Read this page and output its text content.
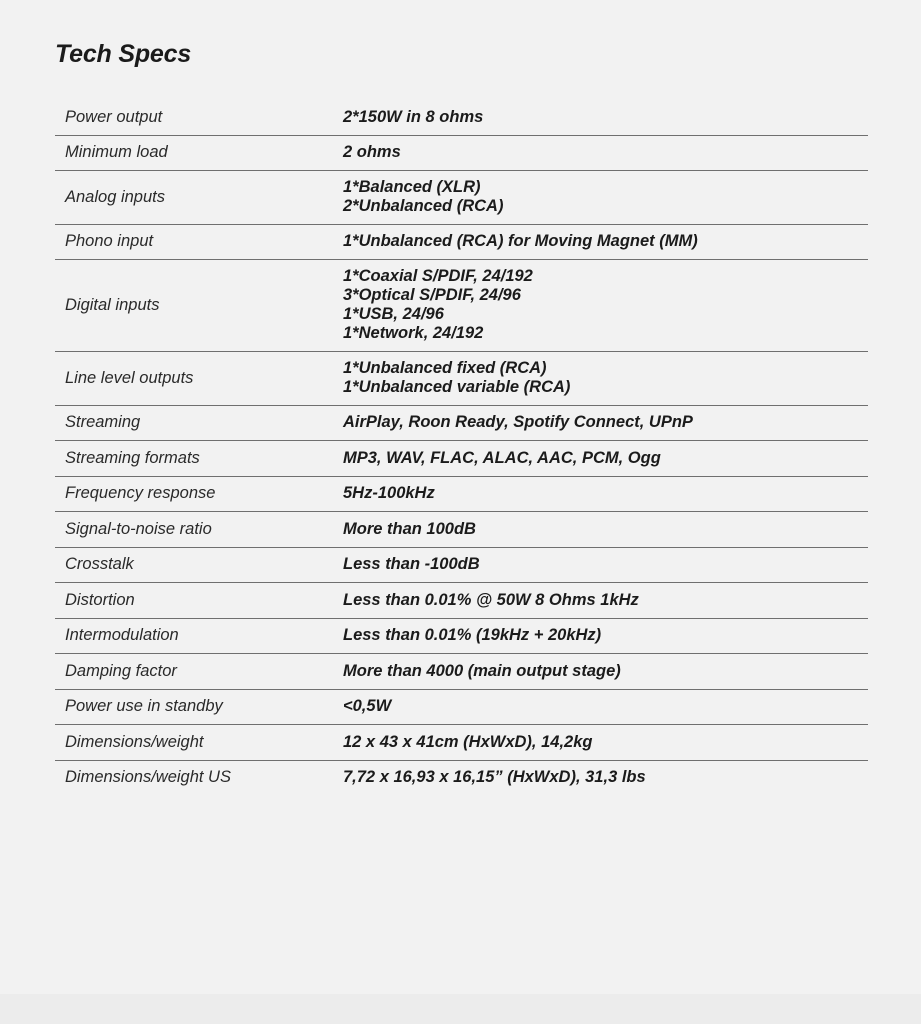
Tech Specs
Power output	2*150W in 8 ohms

Minimum load	2 ohms

Analog inputs	1*Balanced (XLR)
2*Unbalanced (RCA)

Phono input	1*Unbalanced (RCA) for Moving Magnet (MM)

Digital inputs	1*Coaxial S/PDIF, 24/192
3*Optical S/PDIF, 24/96
1*USB, 24/96
1*Network, 24/192

Line level outputs	1*Unbalanced fixed (RCA)
1*Unbalanced variable (RCA)

Streaming	AirPlay, Roon Ready, Spotify Connect, UPnP

Streaming formats	MP3, WAV, FLAC, ALAC, AAC, PCM, Ogg

Frequency response	5Hz-100kHz

Signal-to-noise ratio	More than 100dB

Crosstalk	Less than -100dB

Distortion	Less than 0.01% @ 50W 8 Ohms 1kHz

Intermodulation	Less than 0.01% (19kHz + 20kHz)

Damping factor	More than 4000 (main output stage)

Power use in standby	<0,5W

Dimensions/weight	12 x 43 x 41cm (HxWxD), 14,2kg

Dimensions/weight US	7,72 x 16,93 x 16,15” (HxWxD), 31,3 lbs
